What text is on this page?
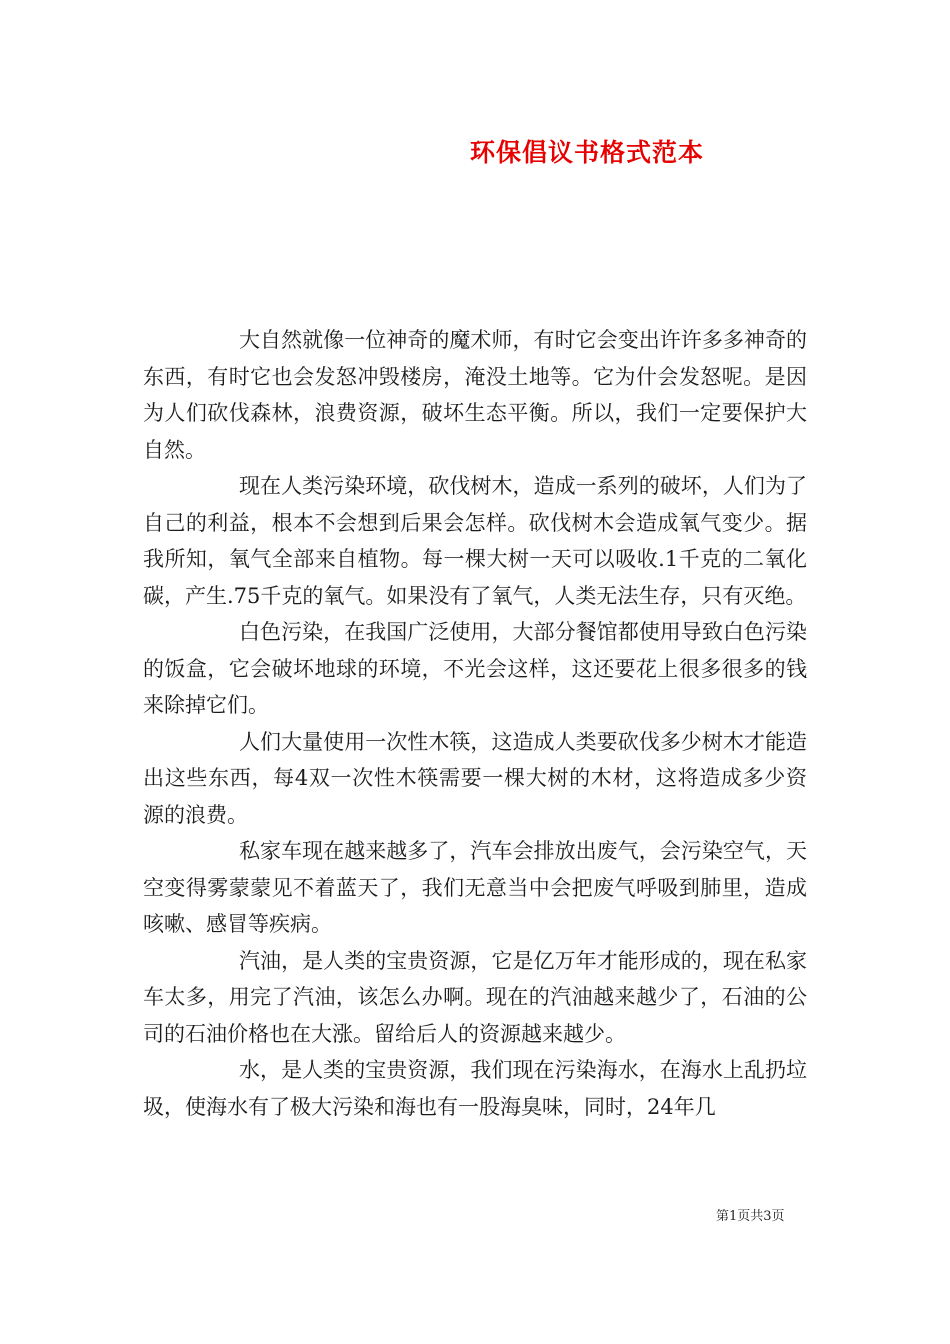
环保倡议书格式范本

大自然就像一位神奇的魔术师，有时它会变出许许多多神奇的东西，有时它也会发怒冲毁楼房，淹没土地等。它为什会发怒呢。是因为人们砍伐森林，浪费资源，破坏生态平衡。所以，我们一定要保护大自然。

现在人类污染环境，砍伐树木，造成一系列的破坏，人们为了自己的利益，根本不会想到后果会怎样。砍伐树木会造成氧气变少。据我所知，氧气全部来自植物。每一棵大树一天可以吸收.1千克的二氧化碳，产生.75千克的氧气。如果没有了氧气，人类无法生存，只有灭绝。

白色污染，在我国广泛使用，大部分餐馆都使用导致白色污染的饭盒，它会破坏地球的环境，不光会这样，这还要花上很多很多的钱来除掉它们。

人们大量使用一次性木筷，这造成人类要砍伐多少树木才能造出这些东西，每4双一次性木筷需要一棵大树的木材，这将造成多少资源的浪费。

私家车现在越来越多了，汽车会排放出废气，会污染空气，天空变得雾蒙蒙见不着蓝天了，我们无意当中会把废气呼吸到肺里，造成咳嗽、感冒等疾病。

汽油，是人类的宝贵资源，它是亿万年才能形成的，现在私家车太多，用完了汽油，该怎么办啊。现在的汽油越来越少了，石油的公司的石油价格也在大涨。留给后人的资源越来越少。

水，是人类的宝贵资源，我们现在污染海水，在海水上乱扔垃圾，使海水有了极大污染和海也有一股海臭味，同时，24年几

第1页共3页
